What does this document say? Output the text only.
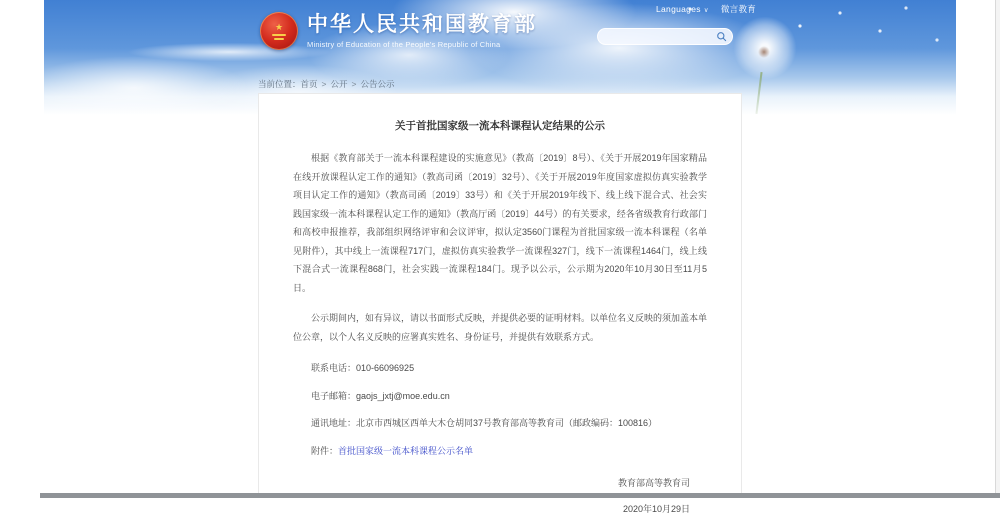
Languages ∨ 微言教育
★ 中华人民共和国教育部
Ministry of Education of the People's Republic of China
当前位置：首页 > 公开 > 公告公示
关于首批国家级一流本科课程认定结果的公示

根据《教育部关于一流本科课程建设的实施意见》（教高〔2019〕8号）、《关于开展2019年国家精品在线开放课程认定工作的通知》（教高司函〔2019〕32号）、《关于开展2019年度国家虚拟仿真实验教学项目认定工作的通知》（教高司函〔2019〕33号）和《关于开展2019年线下、线上线下混合式、社会实践国家级一流本科课程认定工作的通知》（教高厅函〔2019〕44号）的有关要求，经各省级教育行政部门和高校申报推荐，我部组织网络评审和会议评审，拟认定3560门课程为首批国家级一流本科课程（名单见附件），其中线上一流课程717门，虚拟仿真实验教学一流课程327门，线下一流课程1464门，线上线下混合式一流课程868门，社会实践一流课程184门。现予以公示，公示期为2020年10月30日至11月5日。

公示期间内，如有异议，请以书面形式反映，并提供必要的证明材料。以单位名义反映的须加盖本单位公章，以个人名义反映的应署真实姓名、身份证号，并提供有效联系方式。

联系电话：010-66096925
电子邮箱：gaojs_jxtj@moe.edu.cn
通讯地址：北京市西城区西单大木仓胡同37号教育部高等教育司（邮政编码：100816）
附件：首批国家级一流本科课程公示名单
教育部高等教育司
2020年10月29日
